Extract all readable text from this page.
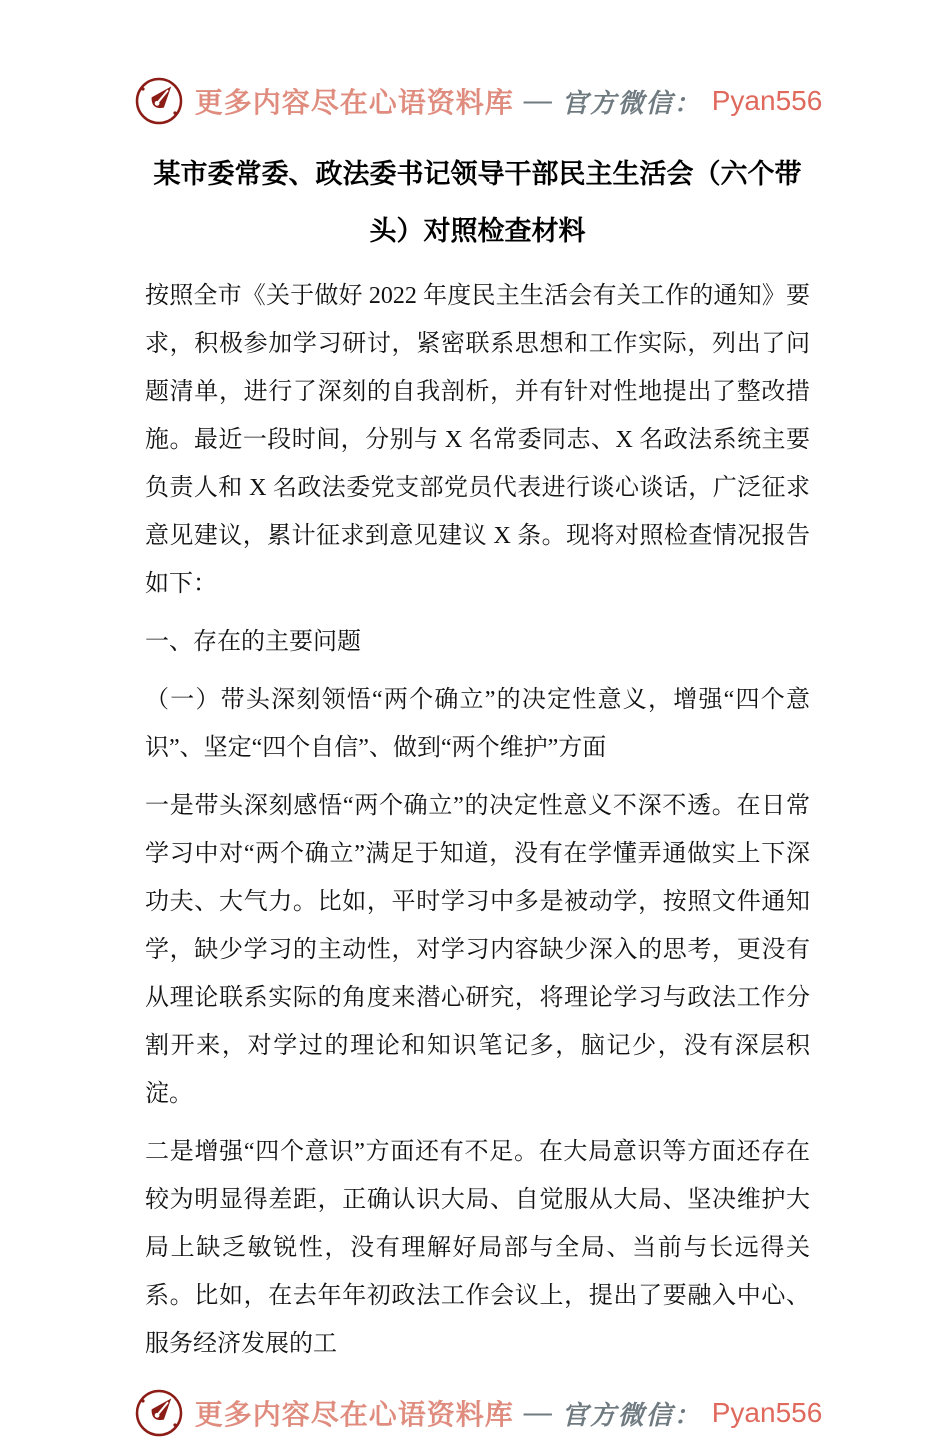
更多内容尽在心语资料库 — 官方微信： Pyan556
某市委常委、政法委书记领导干部民主生活会（六个带头）对照检查材料

按照全市《关于做好 2022 年度民主生活会有关工作的通知》要求，积极参加学习研讨，紧密联系思想和工作实际，列出了问题清单，进行了深刻的自我剖析，并有针对性地提出了整改措施。最近一段时间，分别与 X 名常委同志、X 名政法系统主要负责人和 X 名政法委党支部党员代表进行谈心谈话，广泛征求意见建议，累计征求到意见建议 X 条。现将对照检查情况报告如下：

一、存在的主要问题

（一）带头深刻领悟“两个确立”的决定性意义，增强“四个意识”、坚定“四个自信”、做到“两个维护”方面

一是带头深刻感悟“两个确立”的决定性意义不深不透。在日常学习中对“两个确立”满足于知道，没有在学懂弄通做实上下深功夫、大气力。比如，平时学习中多是被动学，按照文件通知学，缺少学习的主动性，对学习内容缺少深入的思考，更没有从理论联系实际的角度来潜心研究，将理论学习与政法工作分割开来，对学过的理论和知识笔记多，脑记少，没有深层积淀。

二是增强“四个意识”方面还有不足。在大局意识等方面还存在较为明显得差距，正确认识大局、自觉服从大局、坚决维护大局上缺乏敏锐性，没有理解好局部与全局、当前与长远得关系。比如，在去年年初政法工作会议上，提出了要融入中心、服务经济发展的工

更多内容尽在心语资料库 — 官方微信： Pyan556
